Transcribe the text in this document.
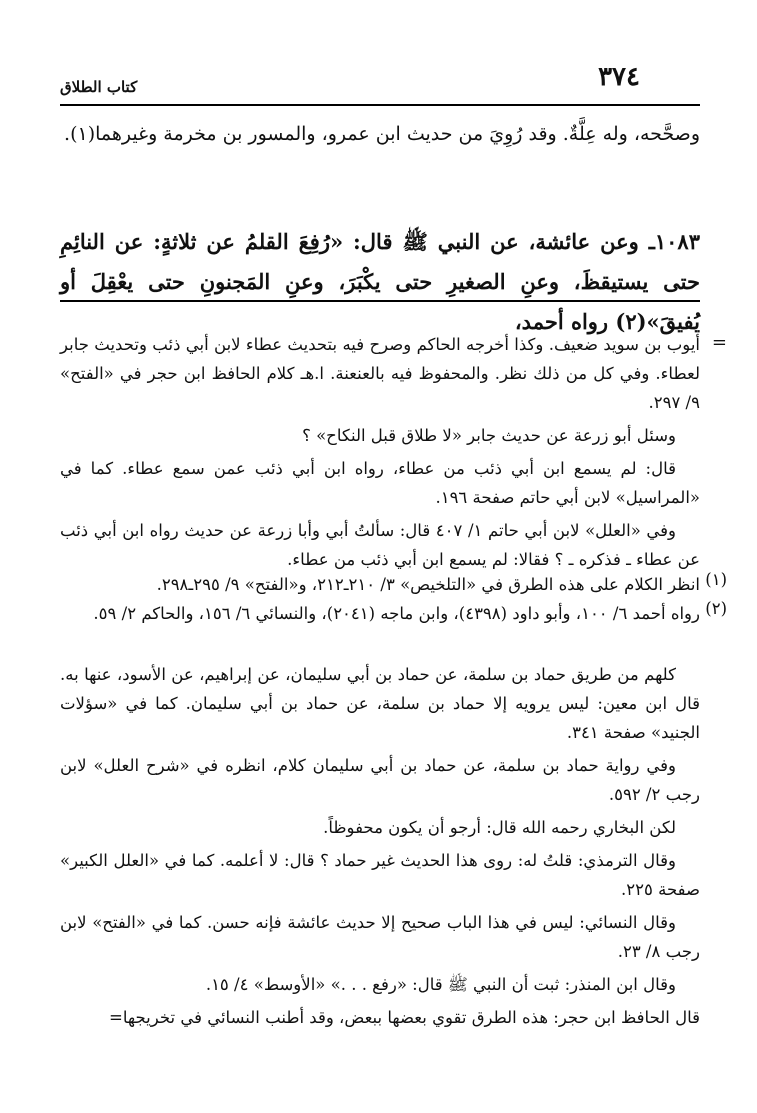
كتاب الطلاق	٣٧٤
وصحَّحه، وله عِلَّةٌ. وقد رُوِيَ من حديث ابن عمرو، والمسور بن مخرمة وغيرهما(١).
١٠٨٣ـ وعن عائشة، عن النبي ﷺ قال: «رُفِعَ القلمُ عن ثلاثةٍ: عن النائِمِ حتى يستيقظَ، وعنِ الصغيرِ حتى يكْبَرَ، وعنِ المَجنونِ حتى يعْقِلَ أو يُفيقَ»(٢) رواه أحمد،
=

أيوب بن سويد ضعيف. وكذا أخرجه الحاكم وصرح فيه بتحديث عطاء لابن أبي ذئب وتحديث جابر لعطاء. وفي كل من ذلك نظر. والمحفوظ فيه بالعنعنة. ا.هـ كلام الحافظ ابن حجر في «الفتح» ٩/ ٢٩٧.

وسئل أبو زرعة عن حديث جابر «لا طلاق قبل النكاح» ؟

قال: لم يسمع ابن أبي ذئب من عطاء، رواه ابن أبي ذئب عمن سمع عطاء. كما في «المراسيل» لابن أبي حاتم صفحة ١٩٦.

وفي «العلل» لابن أبي حاتم ١/ ٤٠٧ قال: سألتُ أبي وأبا زرعة عن حديث رواه ابن أبي ذئب عن عطاء ـ فذكره ـ ؟ فقالا: لم يسمع ابن أبي ذئب من عطاء.

(١)
انظر الكلام على هذه الطرق في «التلخيص» ٣/ ٢١٠ـ٢١٢، و«الفتح» ٩/ ٢٩٥ـ٢٩٨.
(٢)
رواه أحمد ٦/ ١٠٠، وأبو داود (٤٣٩٨)، وابن ماجه (٢٠٤١)، والنسائي ٦/ ١٥٦، والحاكم ٢/ ٥٩.

كلهم من طريق حماد بن سلمة، عن حماد بن أبي سليمان، عن إبراهيم، عن الأسود، عنها به. قال ابن معين: ليس يرويه إلا حماد بن سلمة، عن حماد بن أبي سليمان. كما في «سؤلات الجنيد» صفحة ٣٤١.

وفي رواية حماد بن سلمة، عن حماد بن أبي سليمان كلام، انظره في «شرح العلل» لابن رجب ٢/ ٥٩٢.

لكن البخاري رحمه الله قال: أرجو أن يكون محفوظاً.

وقال الترمذي: قلتُ له: روى هذا الحديث غير حماد ؟ قال: لا أعلمه. كما في «العلل الكبير» صفحة ٢٢٥.

وقال النسائي: ليس في هذا الباب صحيح إلا حديث عائشة فإنه حسن. كما في «الفتح» لابن رجب ٨/ ٢٣.

وقال ابن المنذر: ثبت أن النبي ﷺ قال: «رفع . . .» «الأوسط» ٤/ ١٥.

قال الحافظ ابن حجر: هذه الطرق تقوي بعضها ببعض، وقد أطنب النسائي في تخريجها=
